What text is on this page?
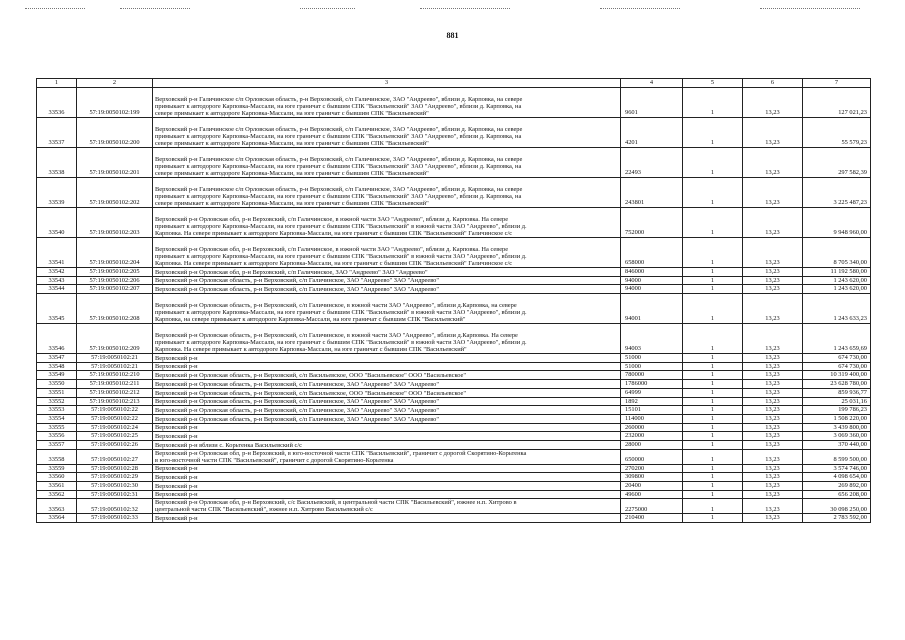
881
1	2	3	4	5	6	7
33536	57:19:0050102:199	Верховский р-н Галичинское с/п Орловская область, р-н Верховский, с/п Галичинское, ЗАО "Андреево", вблизи д. Карповка, на севере
примыкает к автодороге Карповка-Массали, на юге граничат с бывшим СПК "Васильевский" ЗАО "Андреево", вблизи д. Карповка, на
севере примыкает к автодороге Карповка-Массали, на юге граничат с бывшим СПК "Васильевский"	9601	1	13,23	127 021,23
33537	57:19:0050102:200	Верховский р-н Галичинское с/п Орловская область, р-н Верховский, с/п Галичинское, ЗАО "Андреево", вблизи д. Карповка, на севере
примыкает к автодороге Карповка-Массали, на юге граничат с бывшим СПК "Васильевский" ЗАО "Андреево", вблизи д. Карповка, на
севере примыкает к автодороге Карповка-Массали, на юге граничат с бывшим СПК "Васильевский"	4201	1	13,23	55 579,23
33538	57:19:0050102:201	Верховский р-н Галичинское с/п Орловская область, р-н Верховский, с/п Галичинское, ЗАО "Андреево", вблизи д. Карповка, на севере
примыкает к автодороге Карповка-Массали, на юге граничат с бывшим СПК "Васильевский" ЗАО "Андреево", вблизи д. Карповка, на
севере примыкает к автодороге Карповка-Массали, на юге граничат с бывшим СПК "Васильевский"	22493	1	13,23	297 582,39
33539	57:19:0050102:202	Верховский р-н Галичинское с/п Орловская область, р-н Верховский, с/п Галичинское, ЗАО "Андреево", вблизи д. Карповка, на севере
примыкает к автодороге Карповка-Массали, на юге граничат с бывшим СПК "Васильевский" ЗАО "Андреево", вблизи д. Карповка, на
севере примыкает к автодороге Карповка-Массали, на юге граничат с бывшим СПК "Васильевский"	243801	1	13,23	3 225 487,23
33540	57:19:0050102:203	Верховский р-н Орловская обл, р-н Верховский, с/п Галичинское, в южной части ЗАО "Андреево", вблизи д. Карповка. На севере
примыкает к автодороге Карповка-Массали, на юге граничат с бывшим СПК "Васильевский" в южной части ЗАО "Андреево", вблизи д.
Карповка. На севере примыкает к автодороге Карповка-Массали, на юге граничат с бывшим СПК "Васильевский" Галичинское с/с	752000	1	13,23	9 948 960,00
33541	57:19:0050102:204	Верховский р-н Орловская обл, р-н Верховский, с/п Галичинское, в южной части ЗАО "Андреево", вблизи д. Карповка. На севере
примыкает к автодороге Карповка-Массали, на юге граничат с бывшим СПК "Васильевский" в южной части ЗАО "Андреево", вблизи д.
Карповка. На севере примыкает к автодороге Карповка-Массали, на юге граничат с бывшим СПК "Васильевский" Галичинское с/с	658000	1	13,23	8 705 340,00
33542	57:19:0050102:205	Верховский р-н Орловская обл, р-н Верховский, с/п Галичинское, ЗАО "Андреево" ЗАО "Андреево"	846000	1	13,23	11 192 580,00
33543	57:19:0050102:206	Верховский р-н Орловская область, р-н Верховский, с/п Галичинское, ЗАО "Андреево" ЗАО "Андреево"	94000	1	13,23	1 243 620,00
33544	57:19:0050102:207	Верховский р-н Орловская область, р-н Верховский, с/п Галичинское, ЗАО "Андреево" ЗАО "Андреево"	94000	1	13,23	1 243 620,00
33545	57:19:0050102:208	Верховский р-н Орловская область, р-н Верховский, с/п Галичинское, в южной части ЗАО "Андреево", вблизи д.Карповка, на севере
примыкает к автодороге Карповка-Массали, на юге граничат с бывшим СПК "Васильевский" в южной части ЗАО "Андреево", вблизи д.
Карповка, на севере примыкает к автодороге Карповка-Массали, на юге граничат с бывшим СПК "Васильевский"	94001	1	13,23	1 243 633,23
33546	57:19:0050102:209	Верховский р-н Орловская область, р-н Верховский, с/п Галичинское, в южной части ЗАО "Андреево", вблизи д.Карповка. На севере
примыкает к автодороге Карповка-Массали, на юге граничат с бывшим СПК "Васильевский" в южной части ЗАО "Андреево", вблизи д.
Карповка. На севере примыкает к автодороге Карповка-Массали, на юге граничат с бывшим СПК "Васильевский"	94003	1	13,23	1 243 659,69
33547	57:19:0050102:21	Верховский р-н	51000	1	13,23	674 730,00
33548	57:19:0050102:21	Верховский р-н	51000	1	13,23	674 730,00
33549	57:19:0050102:210	Верховский р-н Орловская область, р-н Верховский, с/п Васильевское, ООО "Васильевское" ООО "Васильевское"	780000	1	13,23	10 319 400,00
33550	57:19:0050102:211	Верховский р-н Орловская область, р-н Верховский, с/п Галичинское, ЗАО "Андреево" ЗАО "Андреево"	1786000	1	13,23	23 628 780,00
33551	57:19:0050102:212	Верховский р-н Орловская область, р-н Верховский, с/п Васильевское, ООО "Васильевское" ООО "Васильевское"	64999	1	13,23	859 936,77
33552	57:19:0050102:213	Верховский р-н Орловская область, р-н Верховский, с/п Галичинское, ЗАО "Андреево" ЗАО "Андреево"	1892	1	13,23	25 031,16
33553	57:19:0050102:22	Верховский р-н Орловская область, р-н Верховский, с/п Галичинское, ЗАО "Андреево" ЗАО "Андреево"	15101	1	13,23	199 786,23
33554	57:19:0050102:22	Верховский р-н Орловская область, р-н Верховский, с/п Галичинское, ЗАО "Андреево" ЗАО "Андреево"	114000	1	13,23	1 508 220,00
33555	57:19:0050102:24	Верховский р-н	260000	1	13,23	3 439 800,00
33556	57:19:0050102:25	Верховский р-н	232000	1	13,23	3 069 360,00
33557	57:19:0050102:26	Верховский р-н вблизи с. Корьтенка Васильевский с/с	28000	1	13,23	370 440,00
33558	57:19:0050102:27	Верховский р-н Орловская обл, р-н Верховский, в юго-восточной части СПК "Васильевский", граничит с дорогой Скорятино-Корьтенка
в юго-восточной части СПК "Васильевский", граничит с дорогой Скорятино-Корьтенка	650000	1	13,23	8 599 500,00
33559	57:19:0050102:28	Верховский р-н	270200	1	13,23	3 574 746,00
33560	57:19:0050102:29	Верховский р-н	309800	1	13,23	4 098 654,00
33561	57:19:0050102:30	Верховский р-н	20400	1	13,23	269 892,00
33562	57:19:0050102:31	Верховский р-н	49600	1	13,23	656 208,00
33563	57:19:0050102:32	Верховский р-н Орловская обл, р-н Верховский, с/с Васильевский, в центральной части СПК "Васильевский", южнее н.п. Хитрово в
центральной части СПК "Васильевский", южнее н.п. Хитрово Васильевский с/с	2275000	1	13,23	30 098 250,00
33564	57:19:0050102:33	Верховский р-н	210400	1	13,23	2 783 592,00
